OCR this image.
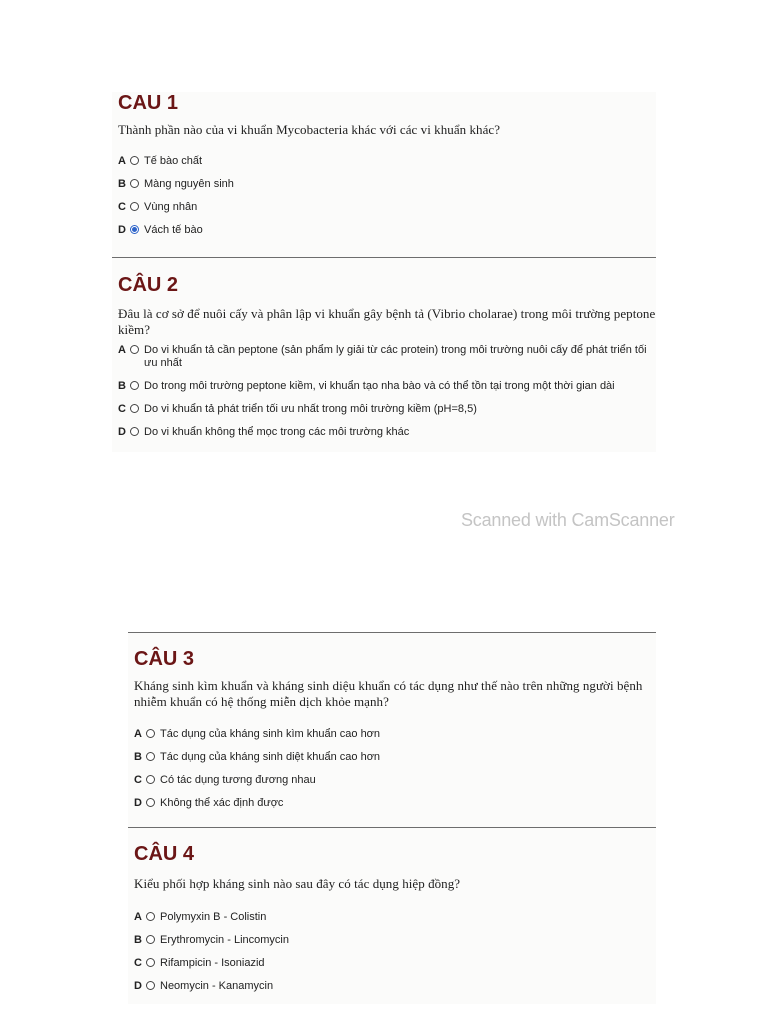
CAU 1
Thành phần nào của vi khuẩn Mycobacteria khác với các vi khuẩn khác?
A Tế bào chất
B Màng nguyên sinh
C Vùng nhân
D Vách tế bào
CÂU 2
Đâu là cơ sở để nuôi cấy và phân lập vi khuẩn gây bệnh tả (Vibrio cholarae) trong môi trường peptone kiềm?
A Do vi khuẩn tả cần peptone (sản phẩm ly giải từ các protein) trong môi trường nuôi cấy để phát triển tối ưu nhất
B Do trong môi trường peptone kiềm, vi khuẩn tạo nha bào và có thể tồn tại trong một thời gian dài
C Do vi khuẩn tả phát triển tối ưu nhất trong môi trường kiềm (pH=8,5)
D Do vi khuẩn không thể mọc trong các môi trường khác
Scanned with CamScanner
CÂU 3
Kháng sinh kìm khuẩn và kháng sinh diệu khuẩn có tác dụng như thế nào trên những người bệnh nhiễm khuẩn có hệ thống miễn dịch khỏe mạnh?
A Tác dụng của kháng sinh kìm khuẩn cao hơn
B Tác dụng của kháng sinh diệt khuẩn cao hơn
C Có tác dụng tương đương nhau
D Không thể xác định được
CÂU 4
Kiểu phối hợp kháng sinh nào sau đây có tác dụng hiệp đồng?
A Polymyxin B - Colistin
B Erythromycin - Lincomycin
C Rifampicin - Isoniazid
D Neomycin - Kanamycin
